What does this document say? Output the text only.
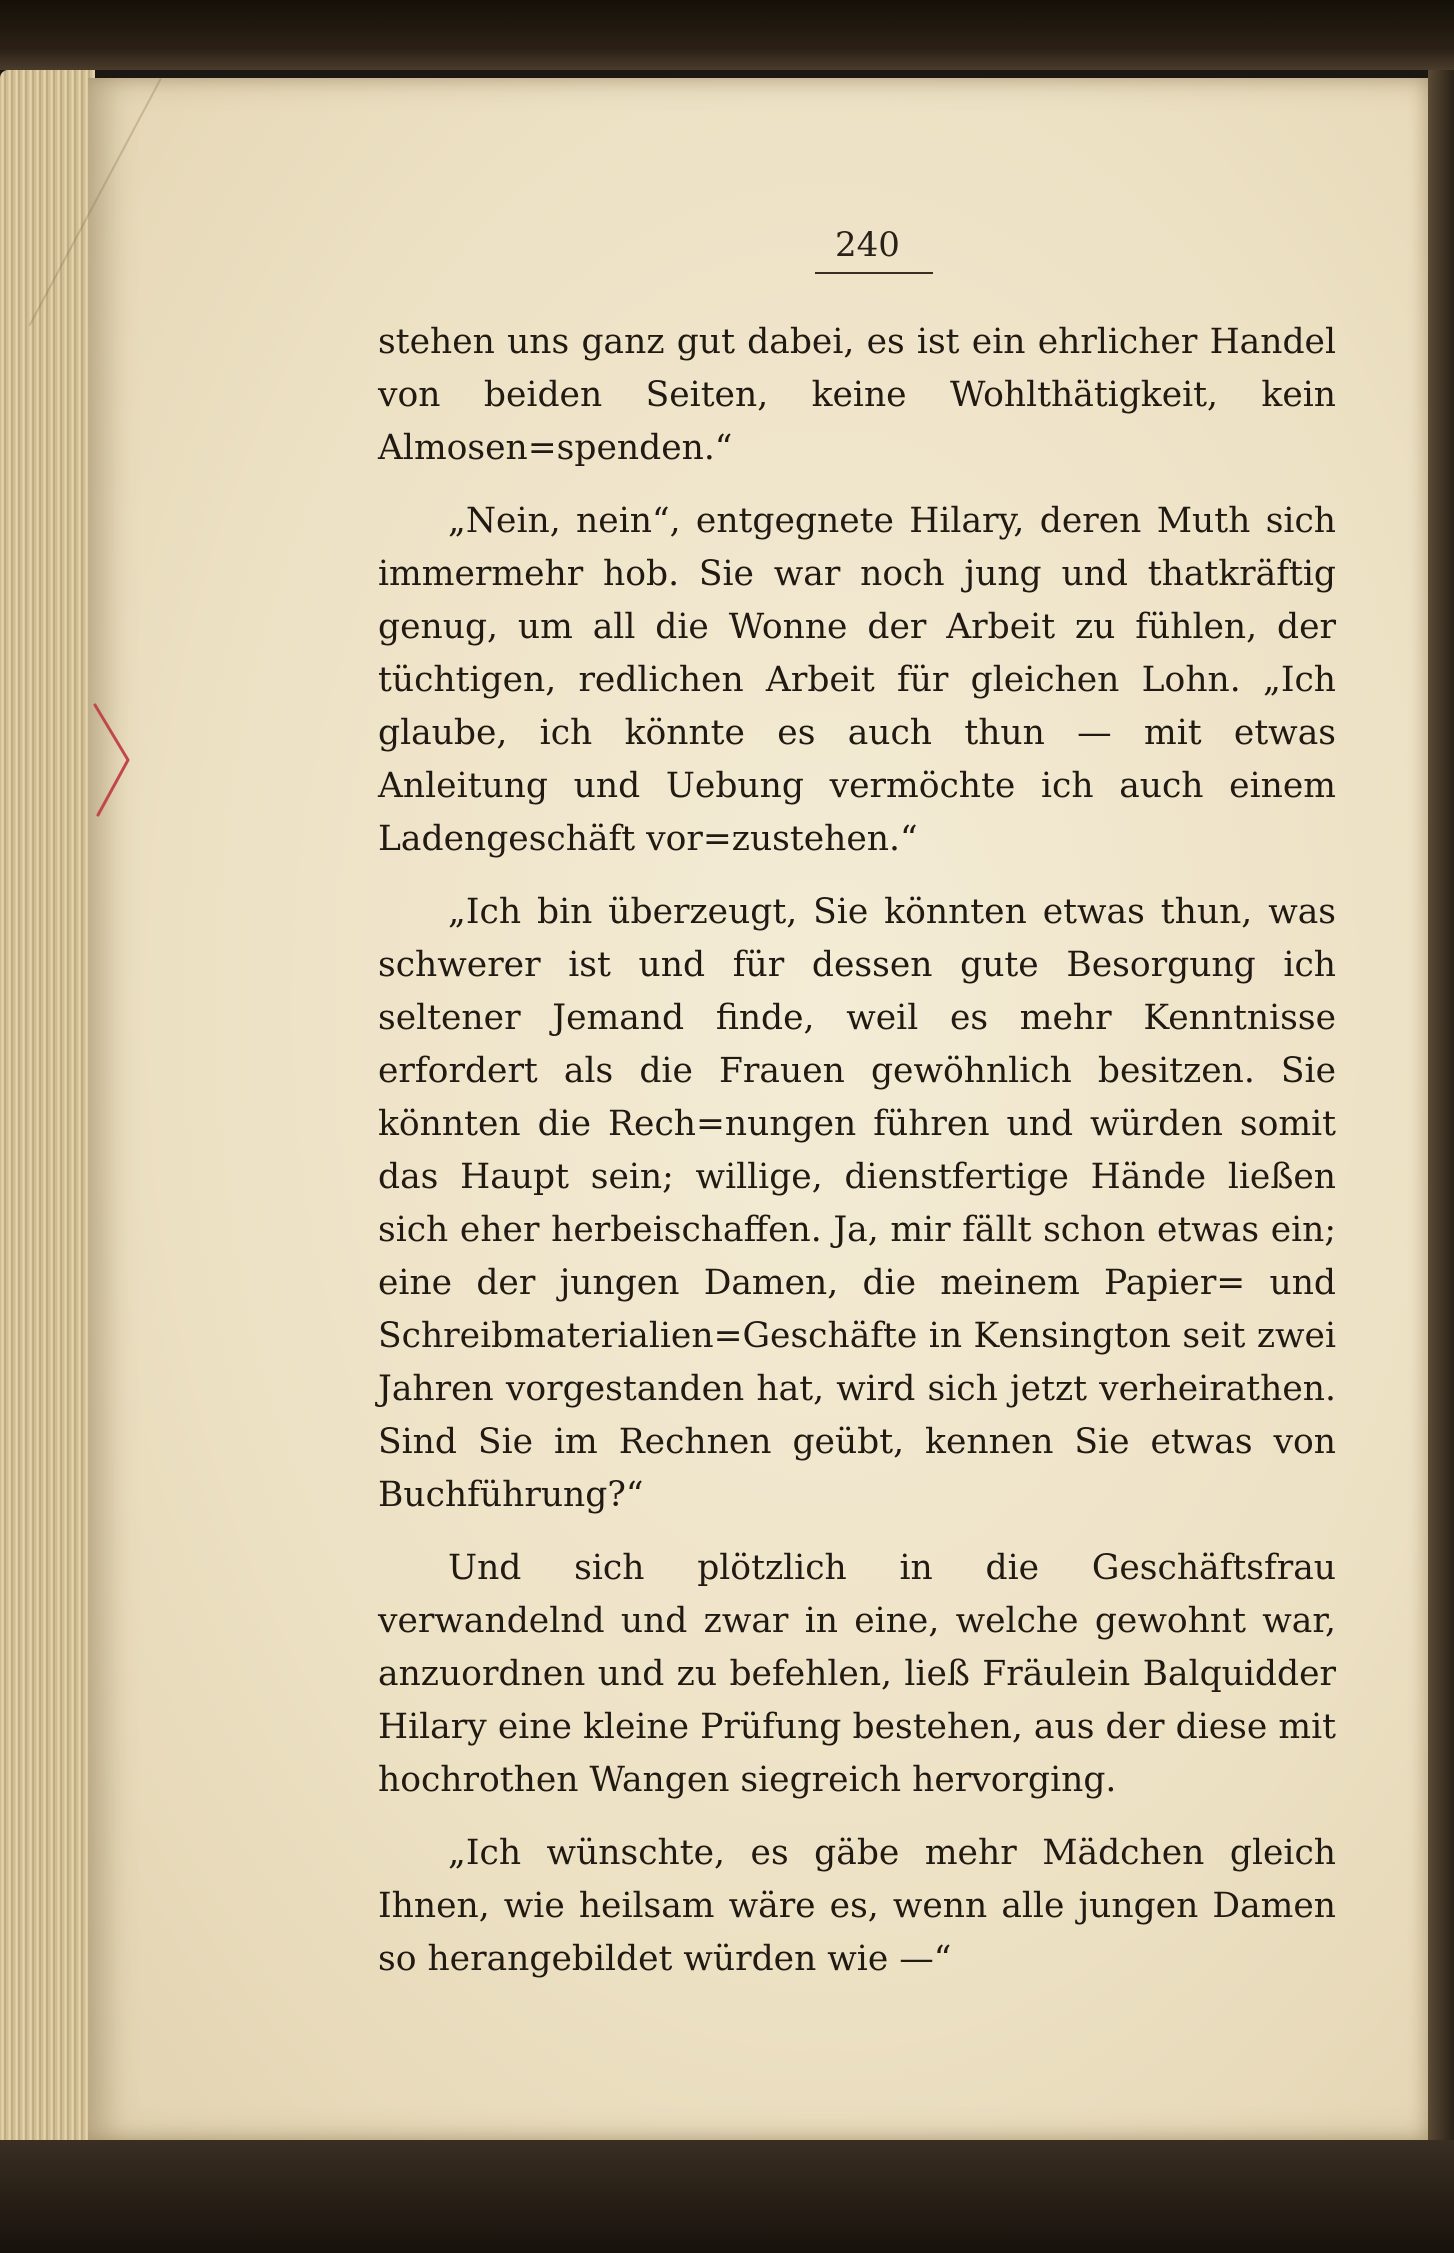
240

stehen uns ganz gut dabei, es ist ein ehrlicher Handel von beiden Seiten, keine Wohlthätigkeit, kein Almosen=spenden.“

„Nein, nein“, entgegnete Hilary, deren Muth sich immermehr hob. Sie war noch jung und thatkräftig genug, um all die Wonne der Arbeit zu fühlen, der tüchtigen, redlichen Arbeit für gleichen Lohn. „Ich glaube, ich könnte es auch thun — mit etwas Anleitung und Uebung vermöchte ich auch einem Ladengeschäft vor=zustehen.“

„Ich bin überzeugt, Sie könnten etwas thun, was schwerer ist und für dessen gute Besorgung ich seltener Jemand finde, weil es mehr Kenntnisse erfordert als die Frauen gewöhnlich besitzen. Sie könnten die Rech=nungen führen und würden somit das Haupt sein; willige, dienstfertige Hände ließen sich eher herbeischaffen. Ja, mir fällt schon etwas ein; eine der jungen Damen, die meinem Papier= und Schreibmaterialien=Geschäfte in Kensington seit zwei Jahren vorgestanden hat, wird sich jetzt verheirathen. Sind Sie im Rechnen geübt, kennen Sie etwas von Buchführung?“

Und sich plötzlich in die Geschäftsfrau verwandelnd und zwar in eine, welche gewohnt war, anzuordnen und zu befehlen, ließ Fräulein Balquidder Hilary eine kleine Prüfung bestehen, aus der diese mit hochrothen Wangen siegreich hervorging.

„Ich wünschte, es gäbe mehr Mädchen gleich Ihnen, wie heilsam wäre es, wenn alle jungen Damen so herangebildet würden wie —“
